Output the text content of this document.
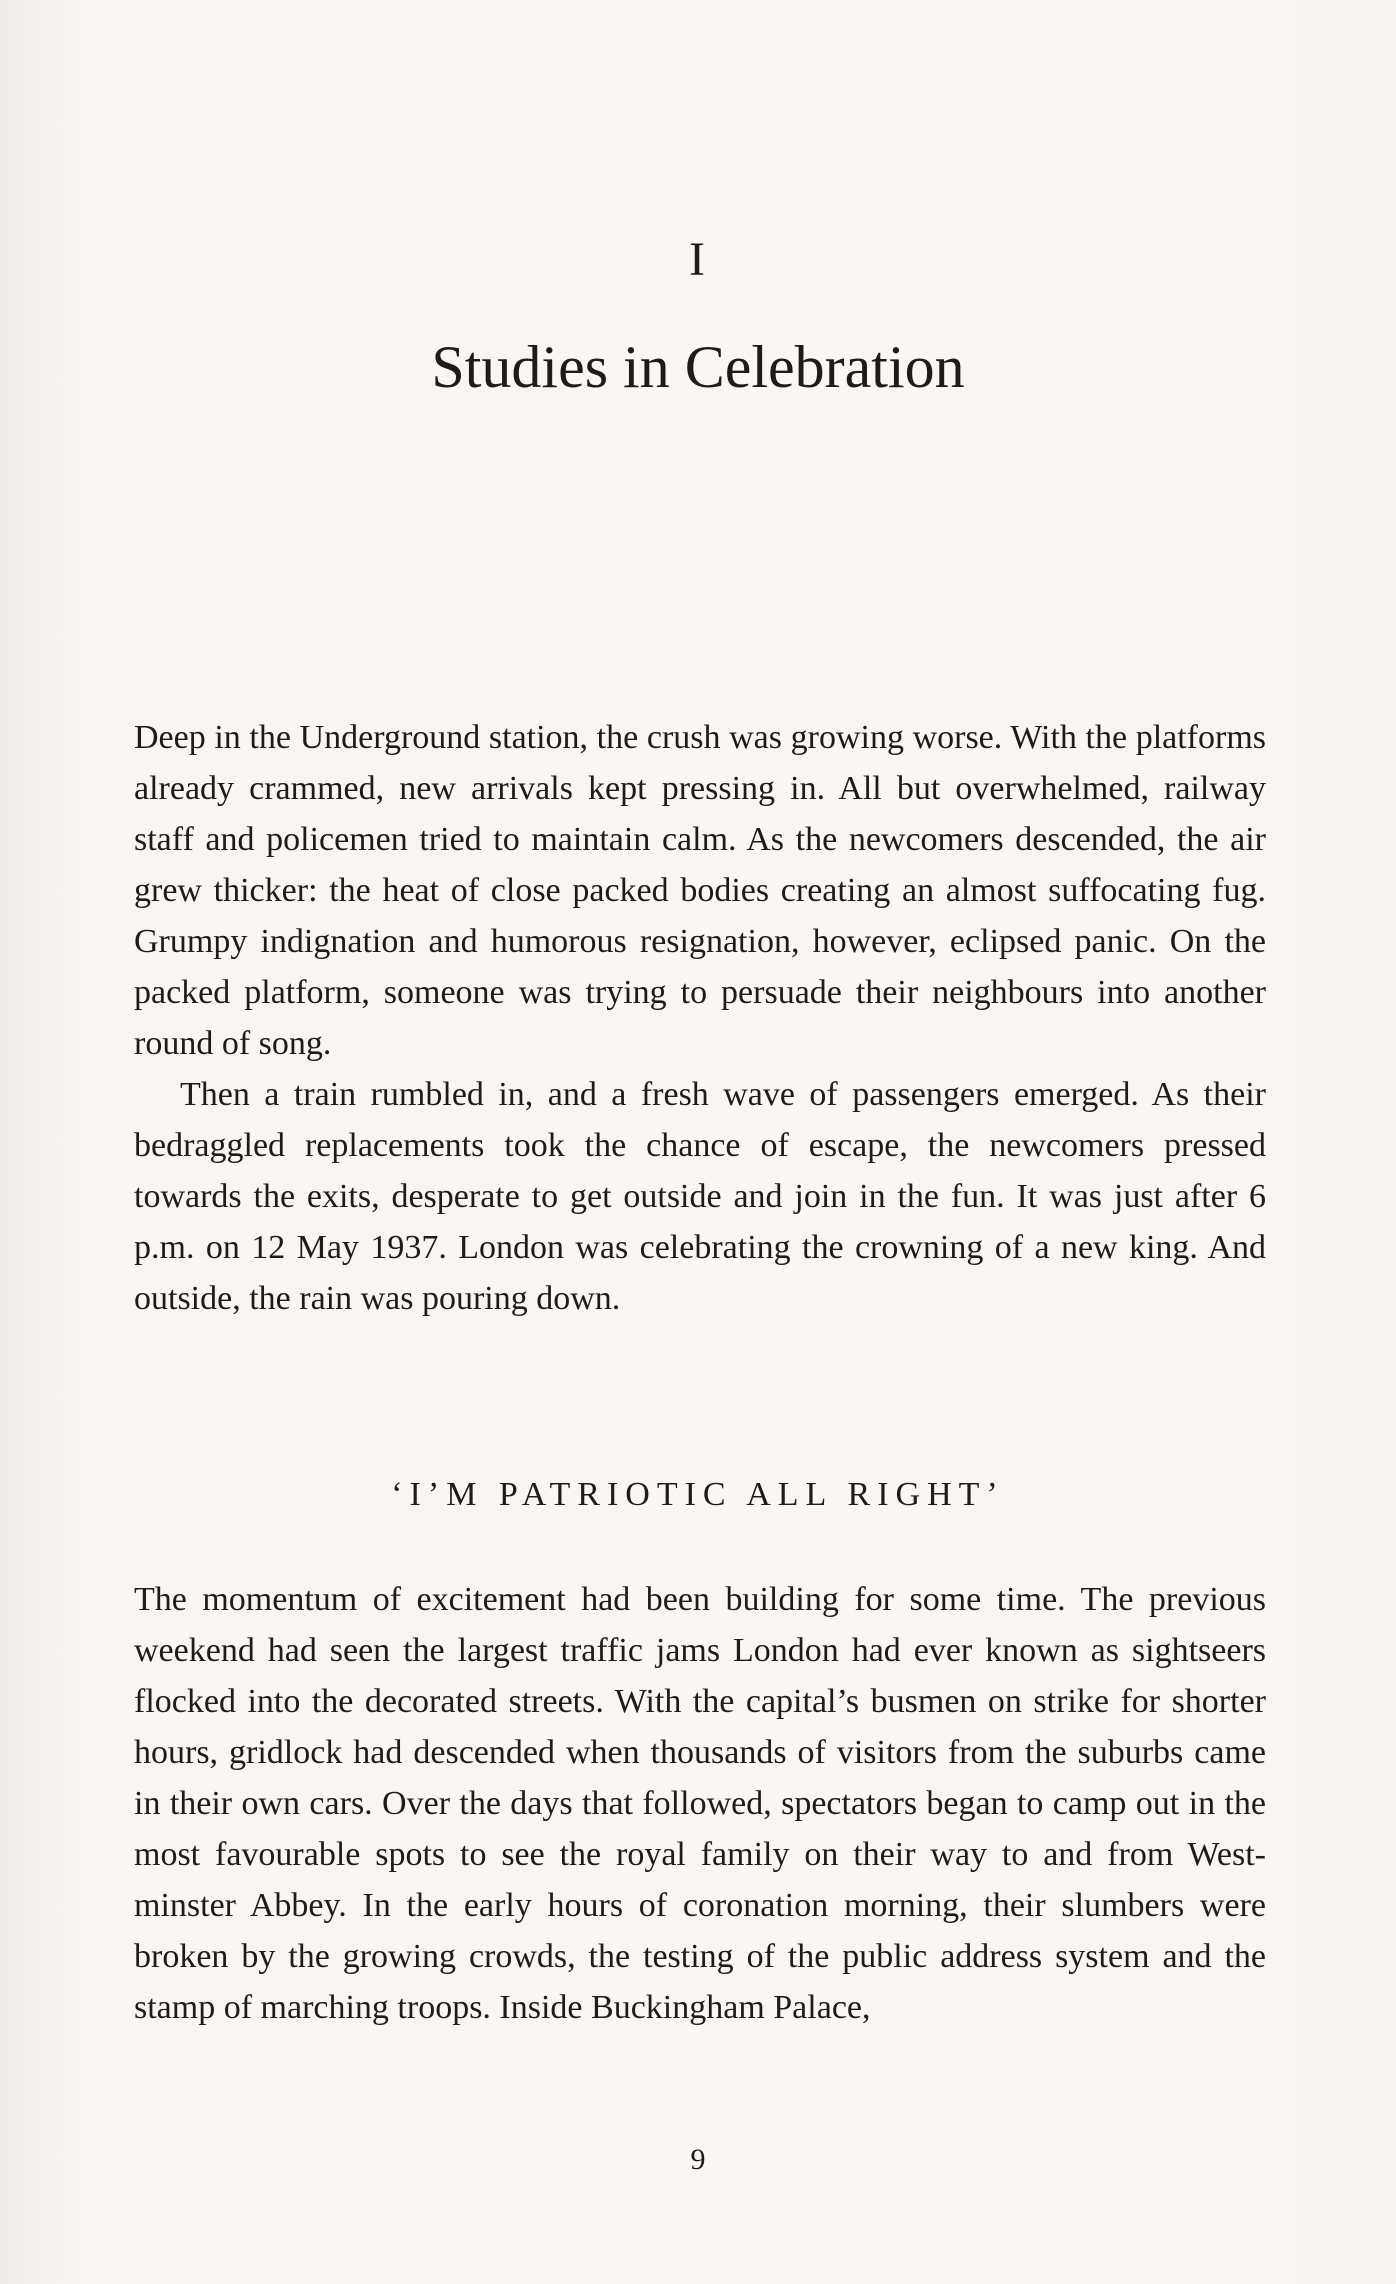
I
Studies in Celebration

Deep in the Underground station, the crush was growing worse. With the platforms already crammed, new arrivals kept pressing in. All but overwhelmed, railway staff and policemen tried to maintain calm. As the newcomers descended, the air grew thicker: the heat of close packed bodies creating an almost suffocating fug. Grumpy indignation and humorous resignation, however, eclipsed panic. On the packed platform, someone was trying to persuade their neighbours into another round of song.

Then a train rumbled in, and a fresh wave of passengers emerged. As their bedraggled replacements took the chance of escape, the newcomers pressed towards the exits, desperate to get outside and join in the fun. It was just after 6 p.m. on 12 May 1937. London was celebrating the crowning of a new king. And outside, the rain was pouring down.

‘I’M PATRIOTIC ALL RIGHT’

The momentum of excitement had been building for some time. The previous weekend had seen the largest traffic jams London had ever known as sightseers flocked into the decorated streets. With the capital’s busmen on strike for shorter hours, gridlock had descended when thousands of visitors from the suburbs came in their own cars. Over the days that followed, spectators began to camp out in the most favourable spots to see the royal family on their way to and from Westminster Abbey. In the early hours of coronation morning, their slumbers were broken by the growing crowds, the testing of the public address system and the stamp of marching troops. Inside Buckingham Palace,

9
